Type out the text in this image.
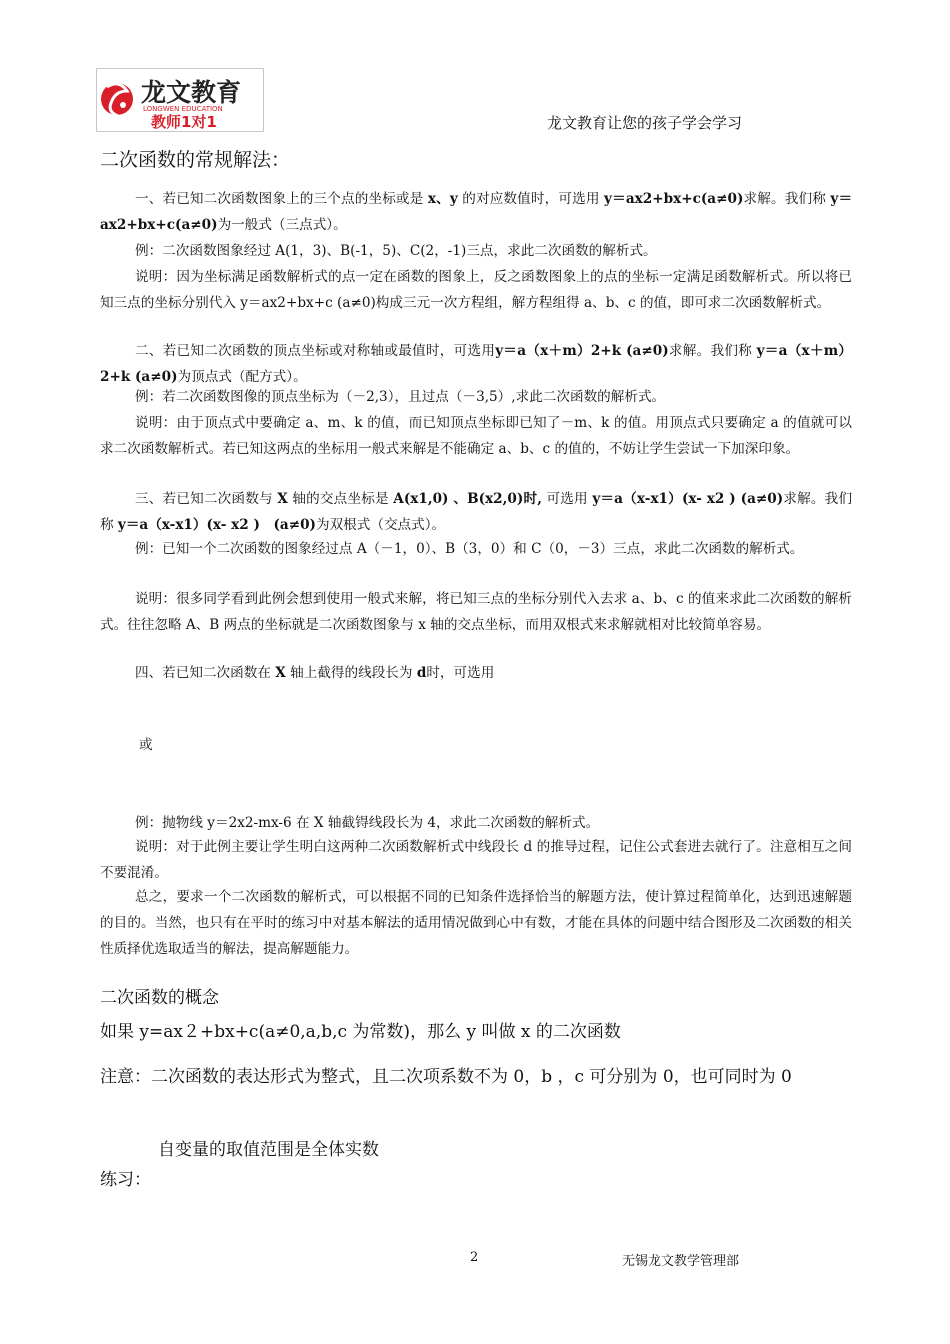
龙文教育
LONGWEN EDUCATION
教师1对1	龙文教育让您的孩子学会学习
二次函数的常规解法：
一、若已知二次函数图象上的三个点的坐标或是 x、y 的对应数值时，可选用 y＝ax2+bx+c(a≠0)求解。我们称 y＝ax2+bx+c(a≠0)为一般式（三点式）。
例：二次函数图象经过 A(1，3)、B(-1，5)、C(2，-1)三点，求此二次函数的解析式。
说明：因为坐标满足函数解析式的点一定在函数的图象上，反之函数图象上的点的坐标一定满足函数解析式。所以将已知三点的坐标分别代入 y＝ax2+bx+c (a≠0)构成三元一次方程组，解方程组得 a、b、c 的值，即可求二次函数解析式。
二、若已知二次函数的顶点坐标或对称轴或最值时，可选用y＝a（x＋m）2+k (a≠0)求解。我们称 y＝a（x＋m）2+k (a≠0)为顶点式（配方式）。
例：若二次函数图像的顶点坐标为（－2,3），且过点（－3,5）,求此二次函数的解析式。
说明：由于顶点式中要确定 a、m、k 的值，而已知顶点坐标即已知了－m、k 的值。用顶点式只要确定 a 的值就可以求二次函数解析式。若已知这两点的坐标用一般式来解是不能确定 a、b、c 的值的，不妨让学生尝试一下加深印象。
三、若已知二次函数与 X 轴的交点坐标是 A(x1,0) 、B(x2,0)时, 可选用 y＝a（x-x1）(x- x2 ) (a≠0)求解。我们称 y＝a（x-x1）(x- x2 )　(a≠0)为双根式（交点式）。
例：已知一个二次函数的图象经过点 A（－1，0）、B（3，0）和 C（0，－3）三点，求此二次函数的解析式。
说明：很多同学看到此例会想到使用一般式来解，将已知三点的坐标分别代入去求 a、b、c 的值来求此二次函数的解析式。往往忽略 A、B 两点的坐标就是二次函数图象与 x 轴的交点坐标，而用双根式来求解就相对比较简单容易。
四、若已知二次函数在 X 轴上截得的线段长为 d时，可选用
或
例：抛物线 y＝2x2-mx-6 在 X 轴截锝线段长为 4，求此二次函数的解析式。
说明：对于此例主要让学生明白这两种二次函数解析式中线段长 d 的推导过程，记住公式套进去就行了。注意相互之间不要混淆。
总之，要求一个二次函数的解析式，可以根据不同的已知条件选择恰当的解题方法，使计算过程简单化，达到迅速解题的目的。当然，也只有在平时的练习中对基本解法的适用情况做到心中有数，才能在具体的问题中结合图形及二次函数的相关性质择优选取适当的解法，提高解题能力。
二次函数的概念
如果 y=ax２+bx+c(a≠0,a,b,c 为常数)，那么 y 叫做 x 的二次函数
注意：二次函数的表达形式为整式，且二次项系数不为 0，b ，c 可分别为 0，也可同时为 0
自变量的取值范围是全体实数
练习：
2	无锡龙文教学管理部
